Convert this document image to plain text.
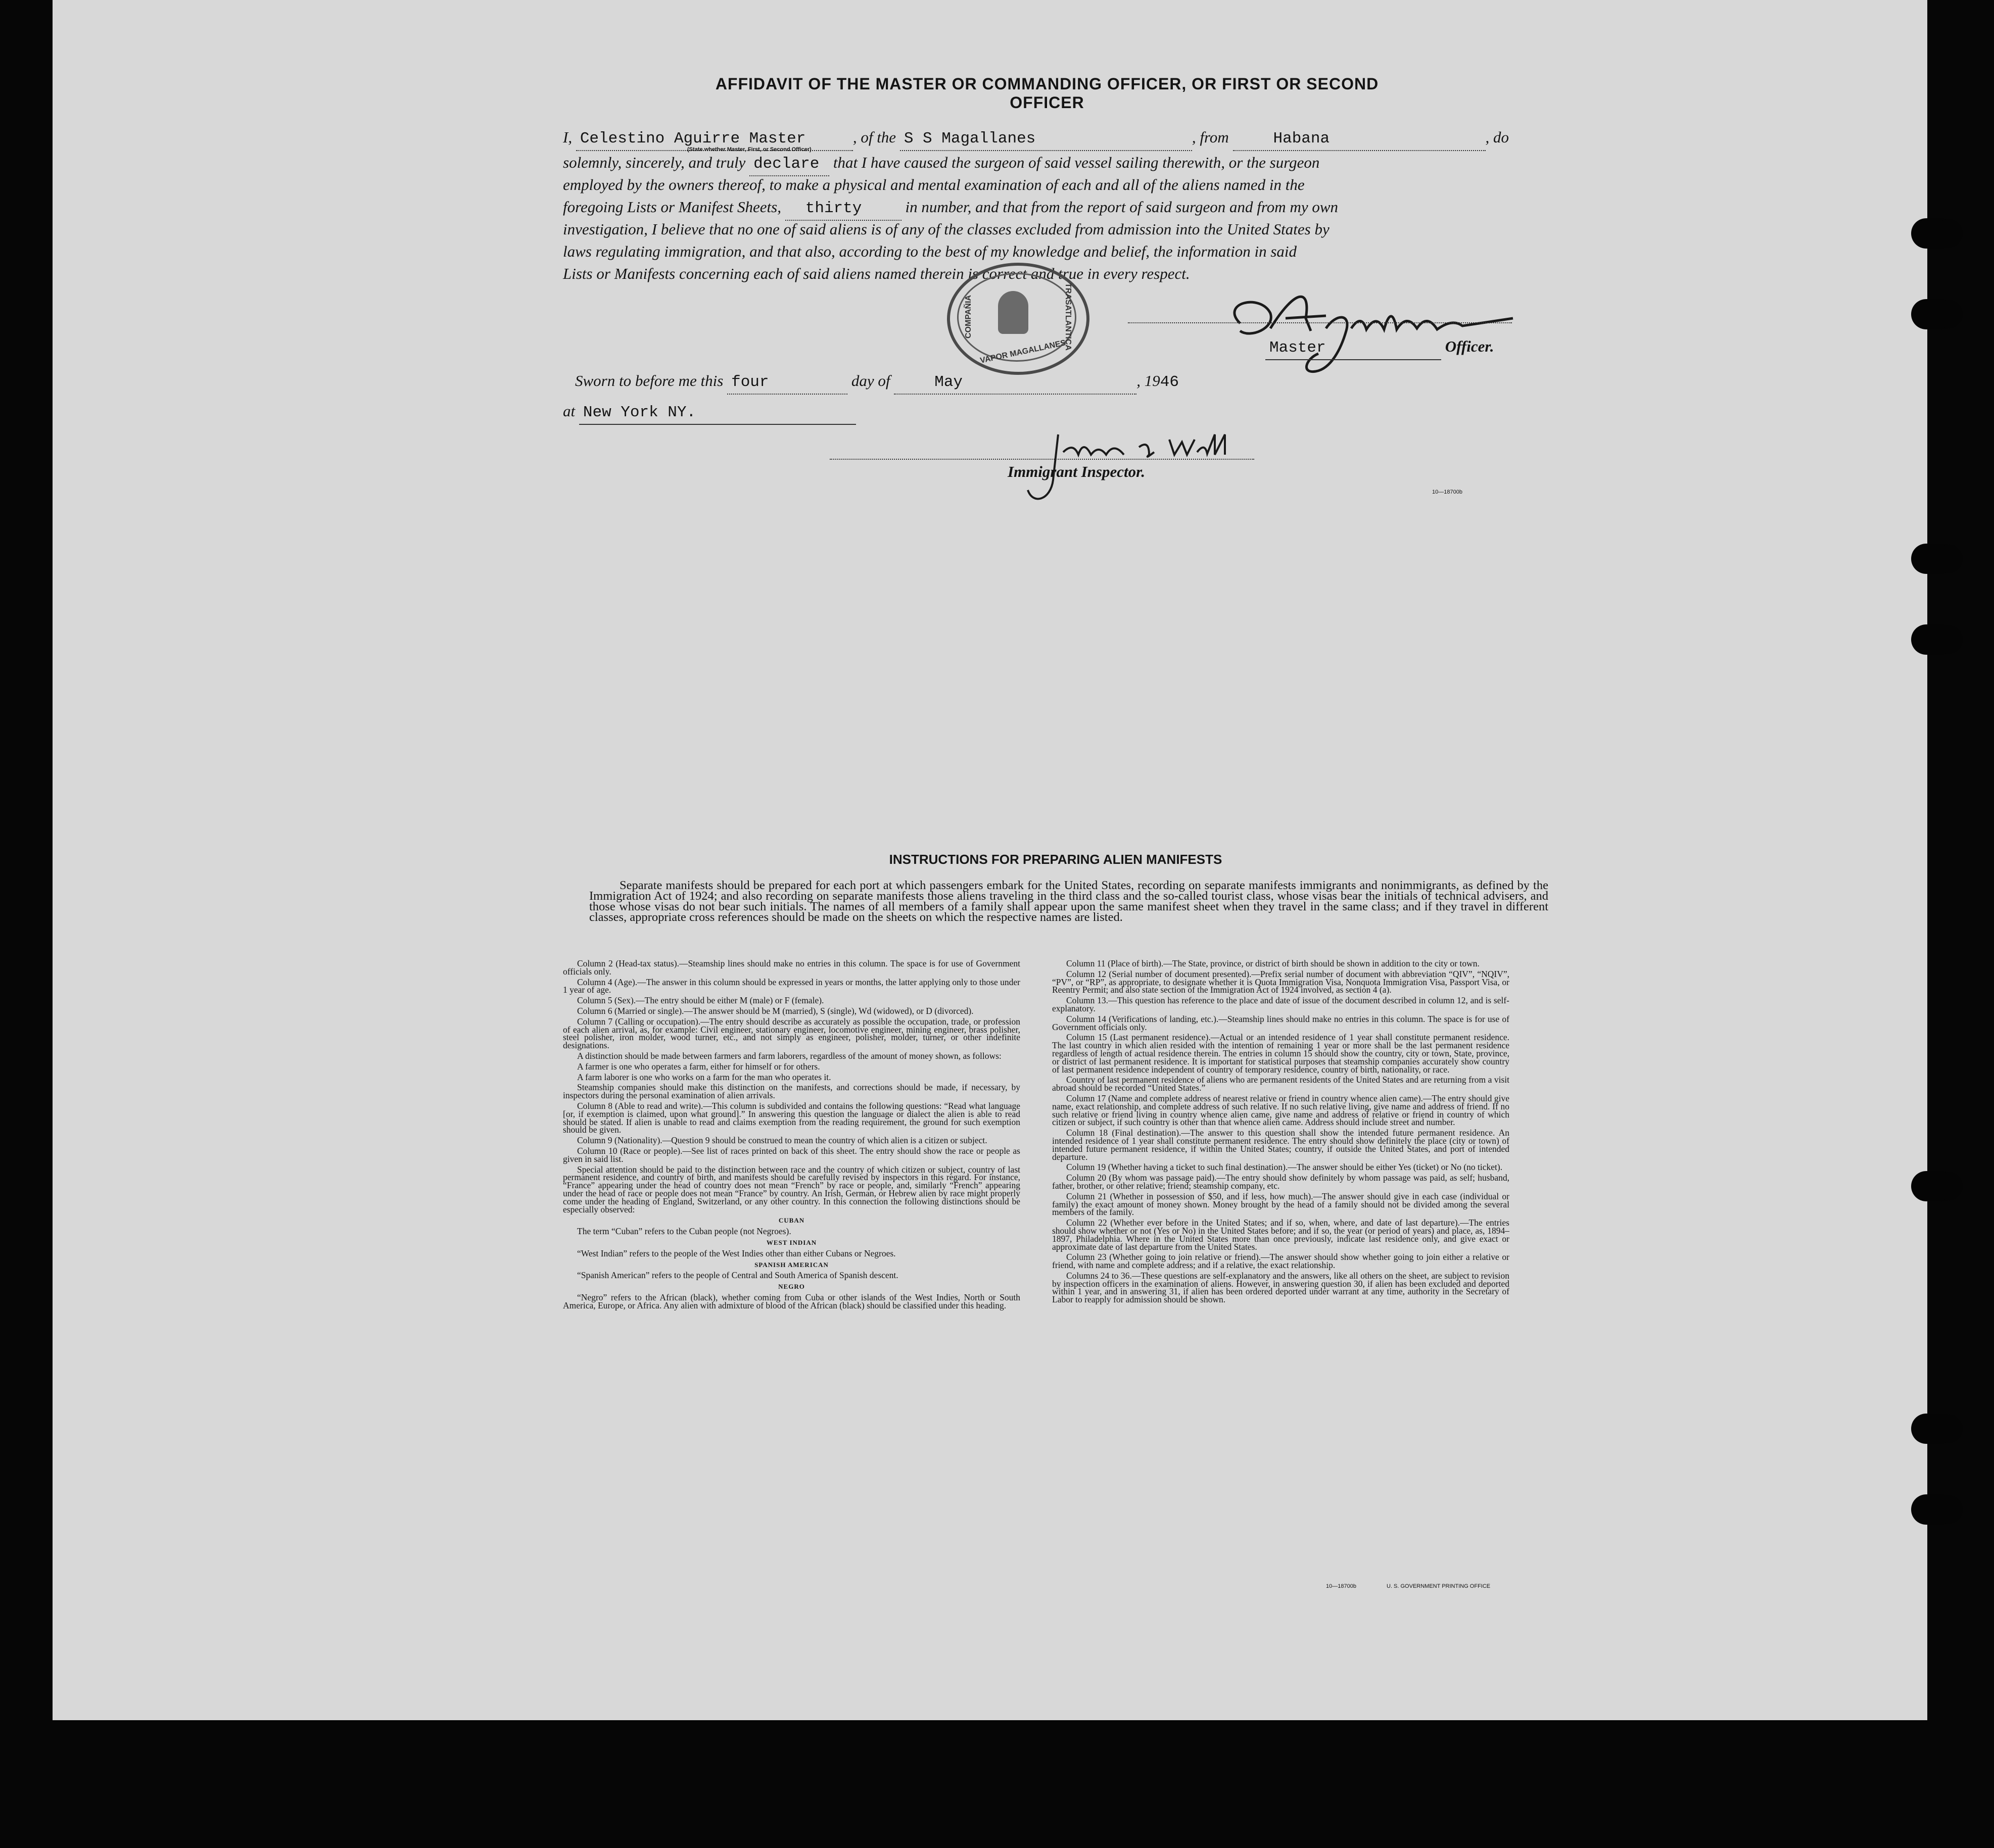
AFFIDAVIT OF THE MASTER OR COMMANDING OFFICER, OR FIRST OR SECOND OFFICER
I, Celestino Aguirre Master	, of the S S Magallanes	, from	Habana	, do
(State whether Master, First, or Second Officer)
solemnly, sincerely, and truly declare that I have caused the surgeon of said vessel sailing therewith, or the surgeon
employed by the owners thereof, to make a physical and mental examination of each and all of the aliens named in the
foregoing Lists or Manifest Sheets, thirty	in number, and that from the report of said surgeon and from my own
investigation, I believe that no one of said aliens is of any of the classes excluded from admission into the United States by
laws regulating immigration, and that also, according to the best of my knowledge and belief, the information in said
Lists or Manifests concerning each of said aliens named therein is correct and true in every respect.
COMPAÑIA	TRASATLANTICA
VAPOR MAGALLANES	Master	Officer.
Sworn to before me this four	day of	May	, 1946
at New York NY.
Immigrant Inspector.
10—18700b
INSTRUCTIONS FOR PREPARING ALIEN MANIFESTS
Separate manifests should be prepared for each port at which passengers embark for the United States, recording on separate manifests immigrants and nonimmigrants, as defined by the Immigration Act of 1924; and also recording on separate manifests those aliens traveling in the third class and the so-called tourist class, whose visas bear the initials of technical advisers, and those whose visas do not bear such initials. The names of all members of a family shall appear upon the same manifest sheet when they travel in the same class; and if they travel in different classes, appropriate cross references should be made on the sheets on which the respective names are listed.

Column 2 (Head-tax status).—Steamship lines should make no entries in this column. The space is for use of Government officials only.

Column 4 (Age).—The answer in this column should be expressed in years or months, the latter applying only to those under 1 year of age.

Column 5 (Sex).—The entry should be either M (male) or F (female).

Column 6 (Married or single).—The answer should be M (married), S (single), Wd (widowed), or D (divorced).

Column 7 (Calling or occupation).—The entry should describe as accurately as possible the occupation, trade, or profession of each alien arrival, as, for example: Civil engineer, stationary engineer, locomotive engineer, mining engineer, brass polisher, steel polisher, iron molder, wood turner, etc., and not simply as engineer, polisher, molder, turner, or other indefinite designations.

A distinction should be made between farmers and farm laborers, regardless of the amount of money shown, as follows:

A farmer is one who operates a farm, either for himself or for others.

A farm laborer is one who works on a farm for the man who operates it.

Steamship companies should make this distinction on the manifests, and corrections should be made, if necessary, by inspectors during the personal examination of alien arrivals.

Column 8 (Able to read and write).—This column is subdivided and contains the following questions: “Read what language [or, if exemption is claimed, upon what ground].” In answering this question the language or dialect the alien is able to read should be stated. If alien is unable to read and claims exemption from the reading requirement, the ground for such exemption should be given.

Column 9 (Nationality).—Question 9 should be construed to mean the country of which alien is a citizen or subject.

Column 10 (Race or people).—See list of races printed on back of this sheet. The entry should show the race or people as given in said list.

Special attention should be paid to the distinction between race and the country of which citizen or subject, country of last permanent residence, and country of birth, and manifests should be carefully revised by inspectors in this regard. For instance, “France” appearing under the head of country does not mean “French” by race or people, and, similarly “French” appearing under the head of race or people does not mean “France” by country. An Irish, German, or Hebrew alien by race might properly come under the heading of England, Switzerland, or any other country. In this connection the following distinctions should be especially observed:

CUBAN

The term “Cuban” refers to the Cuban people (not Negroes).

WEST INDIAN

“West Indian” refers to the people of the West Indies other than either Cubans or Negroes.

SPANISH AMERICAN

“Spanish American” refers to the people of Central and South America of Spanish descent.

NEGRO

“Negro” refers to the African (black), whether coming from Cuba or other islands of the West Indies, North or South America, Europe, or Africa. Any alien with admixture of blood of the African (black) should be classified under this heading.

Column 11 (Place of birth).—The State, province, or district of birth should be shown in addition to the city or town.

Column 12 (Serial number of document presented).—Prefix serial number of document with abbreviation “QIV”, “NQIV”, “PV”, or “RP”, as appropriate, to designate whether it is Quota Immigration Visa, Nonquota Immigration Visa, Passport Visa, or Reentry Permit; and also state section of the Immigration Act of 1924 involved, as section 4 (a).

Column 13.—This question has reference to the place and date of issue of the document described in column 12, and is self-explanatory.

Column 14 (Verifications of landing, etc.).—Steamship lines should make no entries in this column. The space is for use of Government officials only.

Column 15 (Last permanent residence).—Actual or an intended residence of 1 year shall constitute permanent residence. The last country in which alien resided with the intention of remaining 1 year or more shall be the last permanent residence regardless of length of actual residence therein. The entries in column 15 should show the country, city or town, State, province, or district of last permanent residence. It is important for statistical purposes that steamship companies accurately show country of last permanent residence independent of country of temporary residence, country of birth, nationality, or race.

Country of last permanent residence of aliens who are permanent residents of the United States and are returning from a visit abroad should be recorded “United States.”

Column 17 (Name and complete address of nearest relative or friend in country whence alien came).—The entry should give name, exact relationship, and complete address of such relative. If no such relative living, give name and address of friend. If no such relative or friend living in country whence alien came, give name and address of relative or friend in country of which citizen or subject, if such country is other than that whence alien came. Address should include street and number.

Column 18 (Final destination).—The answer to this question shall show the intended future permanent residence. An intended residence of 1 year shall constitute permanent residence. The entry should show definitely the place (city or town) of intended future permanent residence, if within the United States; country, if outside the United States, and port of intended departure.

Column 19 (Whether having a ticket to such final destination).—The answer should be either Yes (ticket) or No (no ticket).

Column 20 (By whom was passage paid).—The entry should show definitely by whom passage was paid, as self; husband, father, brother, or other relative; friend; steamship company, etc.

Column 21 (Whether in possession of $50, and if less, how much).—The answer should give in each case (individual or family) the exact amount of money shown. Money brought by the head of a family should not be divided among the several members of the family.

Column 22 (Whether ever before in the United States; and if so, when, where, and date of last departure).—The entries should show whether or not (Yes or No) in the United States before; and if so, the year (or period of years) and place, as, 1894–1897, Philadelphia. Where in the United States more than once previously, indicate last residence only, and give exact or approximate date of last departure from the United States.

Column 23 (Whether going to join relative or friend).—The answer should show whether going to join either a relative or friend, with name and complete address; and if a relative, the exact relationship.

Columns 24 to 36.—These questions are self-explanatory and the answers, like all others on the sheet, are subject to revision by inspection officers in the examination of aliens. However, in answering question 30, if alien has been excluded and deported within 1 year, and in answering 31, if alien has been ordered deported under warrant at any time, authority in the Secretary of Labor to reapply for admission should be shown.

10—18700b	U. S. GOVERNMENT PRINTING OFFICE
